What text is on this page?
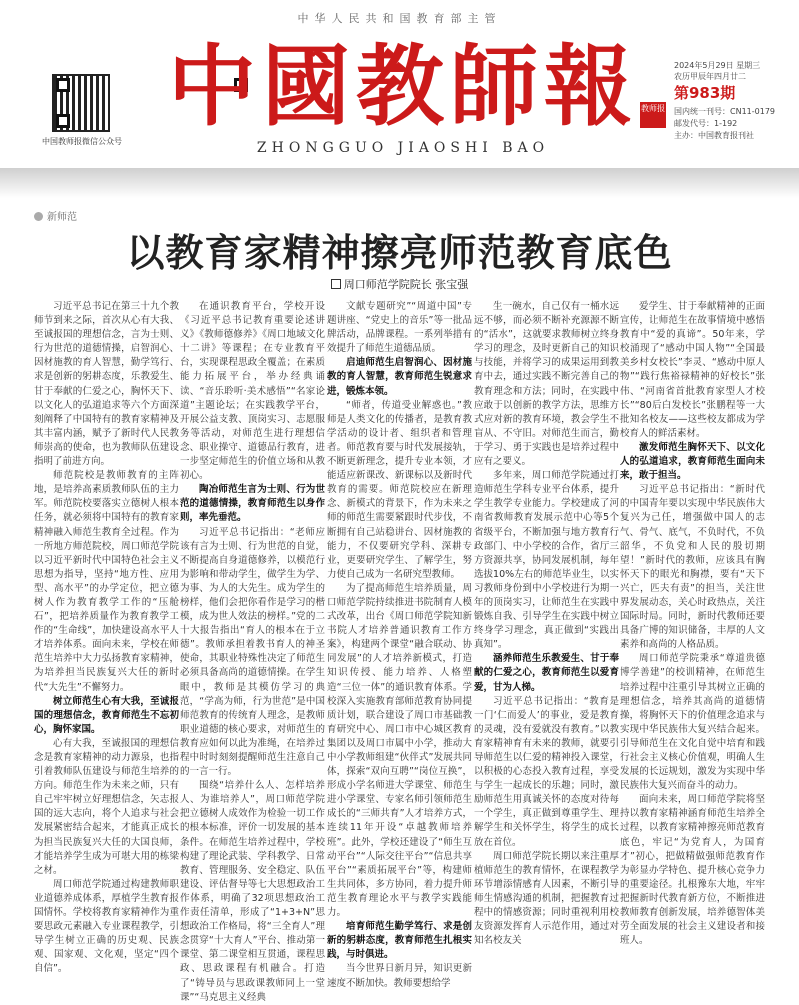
中华人民共和国教育部主管
中国教师报微信公众号
中國教師報 教师报
ZHONGGUO JIAOSHI BAO
2024年5月29日 星期三
农历甲辰年四月廿二
第983期
国内统一刊号：CN11-0179
邮发代号：1-192
主办：中国教育报刊社
新师范
以教育家精神擦亮师范教育底色
周口师范学院院长 张宝强

习近平总书记在第三十九个教师节到来之际，首次从心有大我、至诚报国的理想信念，言为士则、行为世范的道德情操，启智润心、因材施教的育人智慧，勤学笃行、求是创新的躬耕态度，乐教爱生、甘于奉献的仁爱之心，胸怀天下、以文化人的弘道追求等六个方面深刻阐释了中国特有的教育家精神及其丰富内涵，赋予了新时代人民教师崇高的使命，也为教师队伍建设指明了前进方向。

师范院校是教师教育的主阵地，是培养高素质教师队伍的主力军。师范院校要落实立德树人根本任务，就必须将中国特有的教育家精神融入师范生教育全过程。作为一所地方师范院校，周口师范学院以习近平新时代中国特色社会主义思想为指导，坚持“地方性、应用型、高水平”的办学定位，把立德树人作为教育教学工作的“压舱石”，把培养质量作为教育教学工作的“生命线”，加快建设高水平人才培养体系。面向未来，学校在师范生培养中大力弘扬教育家精神，为培养担当民族复兴大任的新时代“大先生”不懈努力。

树立师范生心有大我，至诚报国的理想信念，教育师范生不忘初心，胸怀家国。

心有大我，至诚报国的理想信念是教育家精神的动力源泉，也指引着教师队伍建设与师范生培养的方向。师范生作为未来之师，只有自己牢牢树立好理想信念，矢志报国的远大志向，将个人追求与社会发展紧密结合起来，才能真正成长为担当民族复兴大任的大国良师，才能培养学生成为可堪大用的栋梁之材。

周口师范学院通过构建教师职业道德养成体系，厚植学生教育报国情怀。学校将教育家精神作为重要思政元素融入专业课程教学，引导学生树立正确的历史观、民族观、国家观、文化观，坚定“四个自信”。

在通识教育平台，学校开设《习近平总书记教育重要论述讲义》《教师德修养》《周口地域文化十二讲》等课程；在专业教育平台，实现课程思政全覆盖；在素质能力拓展平台，举办经典诵读、“音乐聆听·美术感悟”“名家论道”主题论坛；在实践教学平台，开展公益支教、顶岗实习、志愿服务等活动，对师范生进行理想信念、职业操守、道德品行教育，进一步坚定师范生的价值立场和从教初心。

陶冶师范生言为士则、行为世范的道德情操，教育师范生以身作则，率先垂范。

习近平总书记指出：“老师应该有言为士则、行为世范的自觉，不断提高自身道德修养，以模范行为影响和带动学生，做学生为学、为事、为人的大先生。成为学生的榜样，他们会把你看作是学习的楷模，成为世人效法的榜样。”党的二十大报告指出“育人的根本在于立德”。教师承担着教书育人的神圣使命，其职业特殊性决定了师范生必须具备高尚的道德情操。在学生眼中，教师是其模仿学习的典范，“学高为师，行为世范”是中国师范教育的传统育人理念，是教师职业道德的核心要求，对师范生的教育应如何以此为准绳，在培养过程中时时刻刻提醒师范生注意自己的一言一行。

围绕“培养什么人、怎样培养人、为谁培养人”，周口师范学院把立德树人成效作为检验一切工作的根本标准，评价一切发展的基本条件。在师范生培养过程中，学校构建了理论武装、学科教学、日常教育、管理服务、安全稳定、队伍建设、评估督导等七大思想政治工作体系，明确了32项思想政治工作责任清单，形成了“1+3+N”思想政治工作格局，将“三全育人”理念贯穿“十大育人”平台、推动第一课堂、第二课堂相互贯通，课程思政、思政课程有机融合。打造了“铸导员与思政课教师同上一堂课”“马克思主义经典

文献专题研究”“周道中国”专题讲座、“党史上的音乐”等一批品牌活动，品牌课程。一系列举措有效提升了师范生道德品质。

启迪师范生启智润心、因材施教的育人智慧，教育师范生锐意求进，锻炼本领。

“师者，传道受业解惑也。”教师是人类文化的传播者，是教育教学活动的设计者、组织者和管理者。师范教育要与时代发展接轨，不断更新理念，提升专业本领，才能适应新课改、新课标以及新时代教育的需要。师范院校应在新理念、新模式的背景下，作为未来之师的师范生需要紧跟时代步伐，不断拥有自己站稳讲台、因材施教的能力，不仅要研究学科、深耕专业，更要研究学生、了解学生，努力使自己成为一名研究型教师。

为了提高师范生培养质量，周口师范学院持续推进书院制育人模式改革，出台《周口师范学院知新书院人才培养普通识教育工作方案》，构建两个课堂“融合联动、协同发展”的人才培养新模式，打造知识传授、能力培养、人格塑造“三位一体”的通识教育体系。学校深入实施教育部师范教育协同提质计划，联合建设了周口市基础教育研究中心、周口市中心城区教育集团以及周口市属中小学，推动大中小学教师组建“伙伴式”发展共同体，探索“双向互聘”“岗位互换”，形成小学名师进大学课堂、师范生进小学课堂、专家名师引领师范生成长的“三师共育”人才培养方式，连续11年开设“卓越教师培养班”。此外，学校还建设了“师生互动平台”“人际交往平台”“信息共享平台”“素质拓展平台”等，构建师生共同体，多方协同，着力提升师范生教育理论水平与教学实践能力。

培育师范生勤学笃行、求是创新的躬耕态度，教育师范生扎根实践，与时俱进。

当今世界日新月异，知识更新速度不断加快。教师要想给学

生一碗水，自己仅有一桶水远远不够，而必须不断补充源源不断的“活水”，这就要求教师树立终身学习的理念，及时更新自己的知识与技能，并将学习的成果运用到教育中去，通过实践不断完善自己的教育理念和方法；同时，在实践中应敢于以创新的教学方法，思维方式应对新的教育环境，教会学生不盲从、不守旧。对师范生而言，勤于学习、勇于实践也是培养过程中应有之要义。

多年来，周口师范学院通过打造师范生学科专业平台体系，提升学生教学专业能力。学校建成了河南省教师教育发展示范中心等5个省级平台，不断加强与地方教育行政部门、中小学校的合作，省厅三方资源共享，协同发展机制，每年选拔10%左右的师范毕业生，以实习教师身份到中小学校进行为期一年的顶岗实习，让师范生在实践中锻炼自我、引导学生在实践中树立终身学习理念，真正做到“实践出真知”。

涵养师范生乐教爱生、甘于奉献的仁爱之心，教育师范生以爱育爱，甘为人梯。

习近平总书记指出：“教育是一门‘仁而爱人’的事业，爱是教育的灵魂，没有爱就没有教育。”以教育家精神育有未来的教师，就要引导师范生以仁爱的精神投入课堂，以积极的心态投入教育过程，享受与学生一起成长的乐趣；同时，激励师范生用真诚关怀的态度对待每一个学生，真正做到尊重学生、理解学生和关怀学生，将学生的成长放在首位。

周口师范学院长期以来注重厚植师范生的教育情怀，在课程教学环节增添情感育人因素，不断引导师生情感沟通的机制，把握教育过程中的情感资源；同时重视利用校友资源发挥育人示范作用，通过对知名校友关

爱学生、甘于奉献精神的正面宣传，让师范生在故事情境中感悟教育中“爱的真谛”。50年来，学校涌现了“感动中国人物”“全国最美乡村女校长”李灵、“感动中原人物”“践行焦裕禄精神的好校长”张伟、“河南省首批教育家型人才校长”“80后白发校长”张鹏程等一大批知名校友——这些校友都成为学校育人的鲜活素材。

激发师范生胸怀天下、以文化人的弘道追求，教育师范生面向未来，敢于担当。

习近平总书记指出：“新时代的中国青年要以实现中华民族伟大复兴为己任，增强做中国人的志气、骨气、底气，不负时代，不负韶华，不负党和人民的殷切期望！”新时代的教师，应该具有胸怀天下的眼光和胸襟，要有“天下兴亡，匹夫有责”的担当，关注世界发展动态，关心时政热点，关注国际时局。同时，新时代教师还要具备广博的知识储备，丰厚的人文素养和高尚的人格品质。

周口师范学院秉承“尊道贵德博学善建”的校训精神，在师范生培养过程中注重引导其树立正确的理想信念，培养其高尚的道德情操，将胸怀天下的价值理念追求与实现中华民族伟大复兴结合起来。引导师范生在文化自觉中培育和践行社会主义核心价值观，明确人生发展的长远规划，激发为实现中华民族伟大复兴而奋斗的动力。

面向未来，周口师范学院将坚持以教育家精神涵育师范生培养全过程，以教育家精神擦亮师范教育底色，牢记“为党育人，为国育才”初心，把做精做强师范教育作为彰显办学特色、提升核心竞争力的重要途径。扎根豫东大地，牢牢把握新时代教育新方位，不断推进教师教育创新发展，培养德智体美劳全面发展的社会主义建设者和接班人。
